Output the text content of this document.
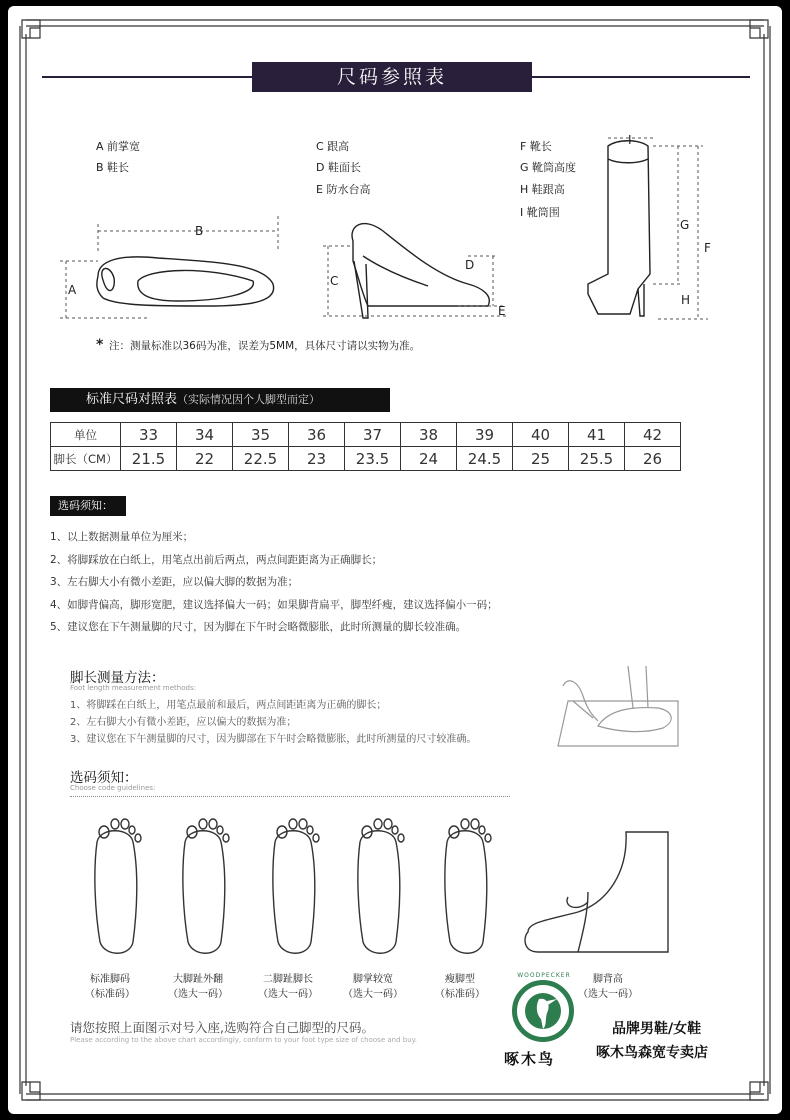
尺码参照表
A 前掌宽
B 鞋长
C 跟高
D 鞋面长
E 防水台高
F 靴长
G 靴筒高度
H 鞋跟高
I 靴筒围
B
A
C
D
E
I
G
F
H
* 注：测量标准以36码为准，误差为5MM，具体尺寸请以实物为准。
标准尺码对照表（实际情况因个人脚型而定）
单位	33	34	35	36	37	38	39	40	41	42
脚长（CM）	21.5	22	22.5	23	23.5	24	24.5	25	25.5	26
选码须知：
1、以上数据测量单位为厘米；
2、将脚踩放在白纸上，用笔点出前后两点，两点间距距离为正确脚长；
3、左右脚大小有微小差距，应以偏大脚的数据为准；
4、如脚背偏高，脚形宽肥，建议选择偏大一码；如果脚背扁平，脚型纤瘦，建议选择偏小一码；
5、建议您在下午测量脚的尺寸，因为脚在下午时会略微膨胀，此时所测量的脚长较准确。
脚长测量方法：
Foot length measurement methods:
1、将脚踩在白纸上，用笔点最前和最后，两点间距距离为正确的脚长；
2、左右脚大小有微小差距，应以偏大的数据为准；
3、建议您在下午测量脚的尺寸，因为脚部在下午时会略微膨胀，此时所测量的尺寸较准确。
选码须知：
Choose code guidelines:
标准脚码
（标准码）
大脚趾外翻
（选大一码）
二脚趾脚长
（选大一码）
脚掌较宽
（选大一码）
瘦脚型
（标准码）
脚背高
（选大一码）
请您按照上面图示对号入座,选购符合自己脚型的尺码。
Please according to the above chart accordingly, conform to your foot type size of choose and buy.
WOODPECKER
啄木鸟
品牌男鞋/女鞋
啄木鸟森宽专卖店
